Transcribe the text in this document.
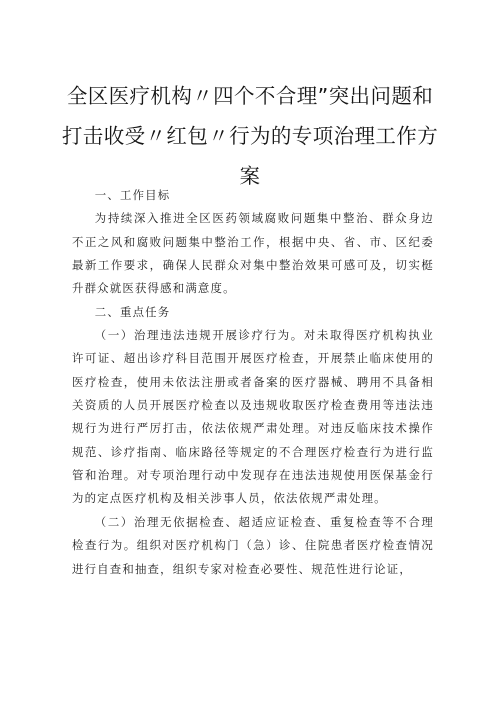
全区医疗机构〃四个不合理”突出问题和打击收受〃红包〃行为的专项治理工作方案

一、工作目标

为持续深入推进全区医药领域腐败问题集中整治、群众身边不正之风和腐败问题集中整治工作，根据中央、省、市、区纪委最新工作要求，确保人民群众对集中整治效果可感可及，切实梃升群众就医获得感和满意度。

二、重点任务

（一）治理违法违规开展诊疗行为。对未取得医疗机构执业许可证、超出诊疗科目范围开展医疗检查，开展禁止临床使用的医疗检查，使用未依法注册或者备案的医疗器械、聘用不具备相关资质的人员开展医疗检查以及违规收取医疗检查费用等违法违规行为进行严厉打击，依法依规严肃处理。对违反临床技术操作规范、诊疗指南、临床路径等规定的不合理医疗检查行为进行监管和治理。对专项治理行动中发现存在违法违规使用医保基金行为的定点医疗机构及相关涉事人员，依法依规严肃处理。

（二）治理无依据检查、超适应证检查、重复检查等不合理检查行为。组织对医疗机构门（急）诊、住院患者医疗检查情况进行自查和抽查，组织专家对检查必要性、规范性进行论证，
